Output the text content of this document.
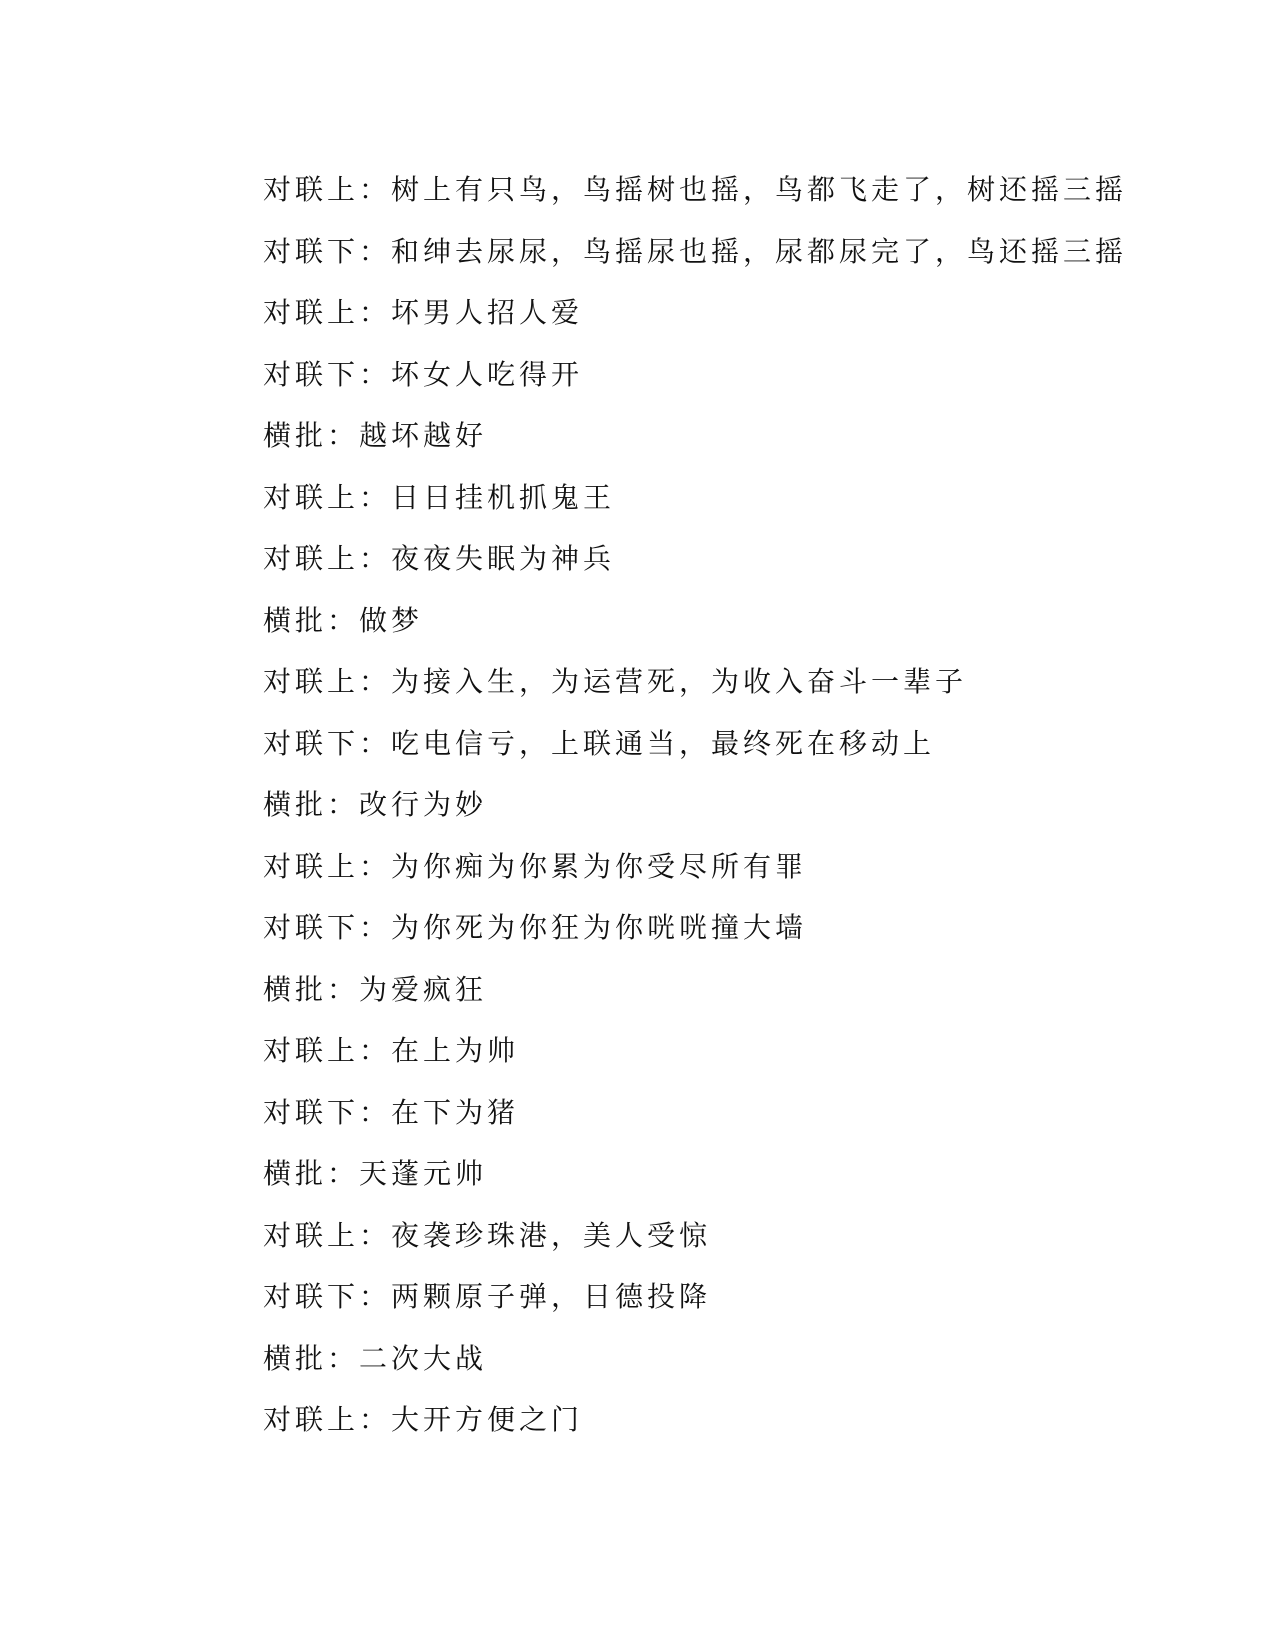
对联上：树上有只鸟，鸟摇树也摇，鸟都飞走了，树还摇三摇
对联下：和绅去尿尿，鸟摇尿也摇，尿都尿完了，鸟还摇三摇
对联上：坏男人招人爱
对联下：坏女人吃得开
横批：越坏越好
对联上：日日挂机抓鬼王
对联上：夜夜失眠为神兵
横批：做梦
对联上：为接入生，为运营死，为收入奋斗一辈子
对联下：吃电信亏，上联通当，最终死在移动上
横批：改行为妙
对联上：为你痴为你累为你受尽所有罪
对联下：为你死为你狂为你咣咣撞大墙
横批：为爱疯狂
对联上：在上为帅
对联下：在下为猪
横批：天蓬元帅
对联上：夜袭珍珠港，美人受惊
对联下：两颗原子弹，日德投降
横批：二次大战
对联上：大开方便之门
